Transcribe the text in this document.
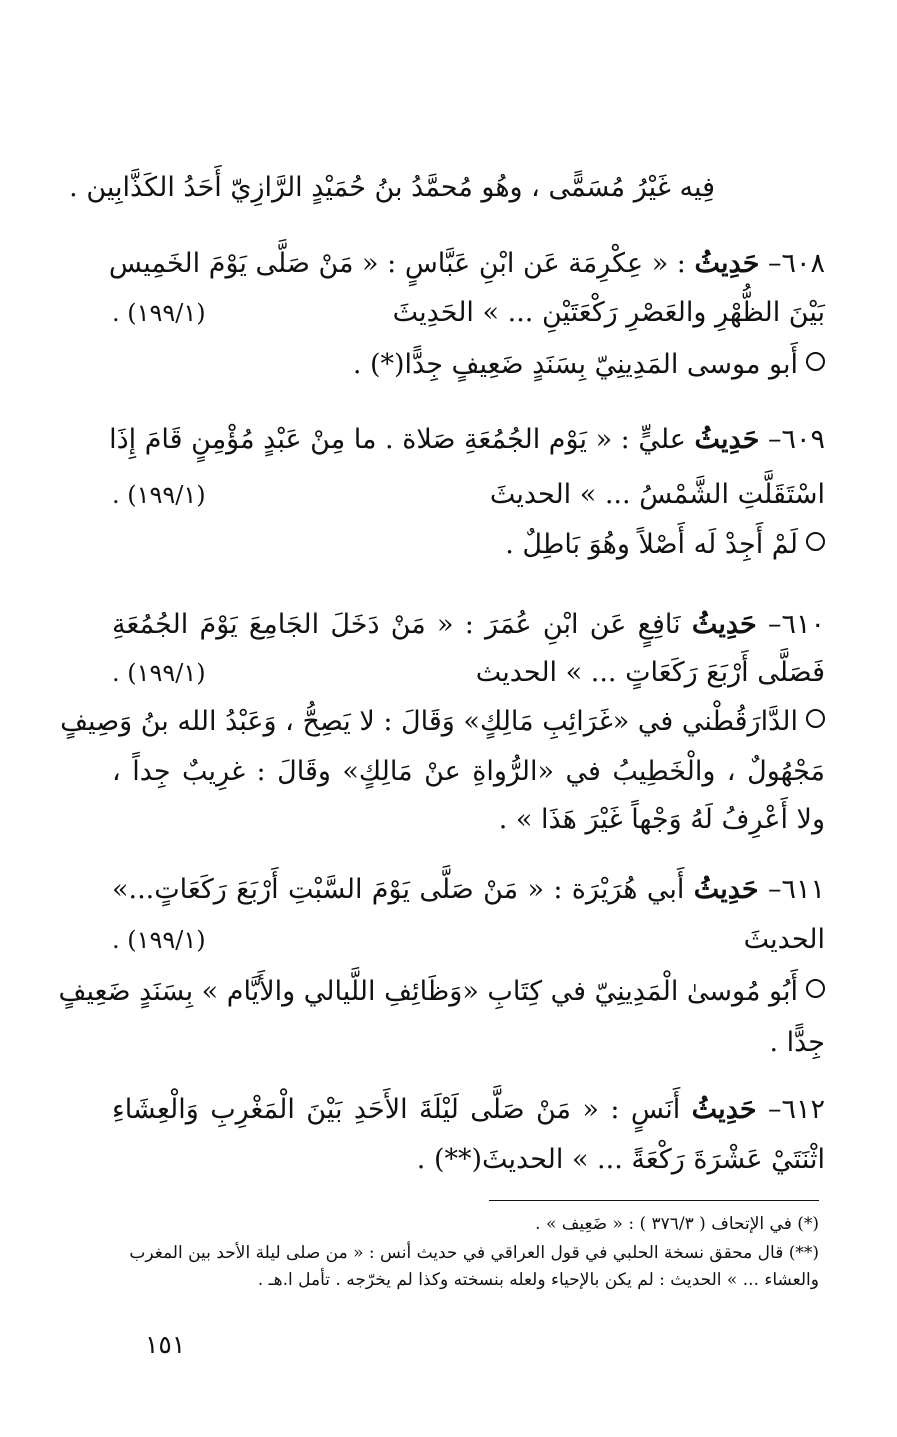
فِيه غَيْرُ مُسَمًّى ، وهُو مُحمَّدُ بنُ حُمَيْدٍ الرَّازِيّ أَحَدُ الكَذَّابِين .
٦٠٨– حَدِيثُ : « عِكْرِمَة عَن ابْنِ عَبَّاسٍ : « مَنْ صَلَّى يَوْمَ الخَمِيس
بَيْنَ الظُّهْرِ والعَصْرِ رَكْعَتَيْنِ ... » الحَدِيثَ
(١٩٩/١) .
أَبو موسى المَدِينِيّ بِسَنَدٍ ضَعِيفٍ جِدًّا(*) .
٦٠٩– حَدِيثُ عليٍّ : « يَوْم الجُمُعَةِ صَلاة . ما مِنْ عَبْدٍ مُؤْمِنٍ قَامَ إِذَا
اسْتَقَلَّتِ الشَّمْسُ ... » الحديثَ
(١٩٩/١) .
لَمْ أَجِدْ لَه أَصْلاً وهُوَ بَاطِلٌ .
٦١٠– حَدِيثُ نَافِعٍ عَن ابْنِ عُمَرَ : « مَنْ دَخَلَ الجَامِعَ يَوْمَ الجُمُعَةِ
فَصَلَّى أَرْبَعَ رَكَعَاتٍ ... » الحديث
(١٩٩/١) .
الدَّارَقُطْني في «غَرَائِبِ مَالِكٍ» وَقَالَ : لا يَصِحُّ ، وَعَبْدُ الله بنُ وَصِيفٍ
مَجْهُولٌ ، والْخَطِيبُ في «الرُّواةِ عنْ مَالِكٍ» وقَالَ : غرِيبٌ جِداً ،
ولا أَعْرِفُ لَهُ وَجْهاً غَيْرَ هَذَا » .
٦١١– حَدِيثُ أَبي هُرَيْرَة : « مَنْ صَلَّى يَوْمَ السَّبْتِ أَرْبَعَ رَكَعَاتٍ...»
الحديثَ
(١٩٩/١) .
أَبُو مُوسىٰ الْمَدِينِيّ في كِتَابِ «وَظَائِفِ اللَّيالي والأَيَّام » بِسَنَدٍ ضَعِيفٍ
جِدًّا .
٦١٢– حَدِيثُ أَنَسٍ : « مَنْ صَلَّى لَيْلَةَ الأَحَدِ بَيْنَ الْمَغْرِبِ وَالْعِشَاءِ
اثْنَتَيْ عَشْرَةَ رَكْعَةً ... » الحديثَ(**) .
(*) في الإتحاف ( ٣٧٦/٣ ) : « ضَعِيف » .
(**) قال محقق نسخة الحلبي في قول العراقي في حديث أنس : « من صلى ليلة الأحد بين المغرب
والعشاء ... » الحديث : لم يكن بالإحياء ولعله بنسخته وكذا لم يخرّجه . تأمل ا.هـ .
١٥١
